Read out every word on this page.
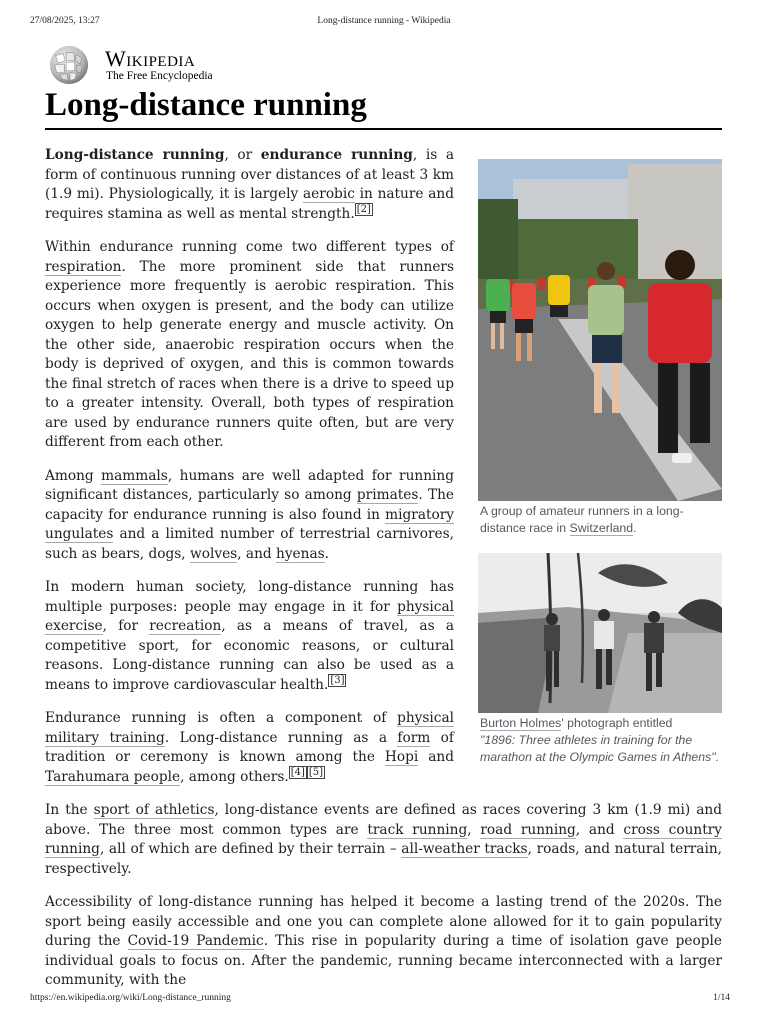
27/08/2025, 13:27	Long-distance running - Wikipedia
Wikipedia
The Free Encyclopedia
Long-distance running
A group of amateur runners in a long-distance race in Switzerland.
Burton Holmes' photograph entitled
"1896: Three athletes in training for the marathon at the Olympic Games in Athens".

Long-distance running, or endurance running, is a form of continuous running over distances of at least 3 km (1.9 mi). Physiologically, it is largely aerobic in nature and requires stamina as well as mental strength. [2]

Within endurance running come two different types of respiration. The more prominent side that runners experience more frequently is aerobic respiration. This occurs when oxygen is present, and the body can utilize oxygen to help generate energy and muscle activity. On the other side, anaerobic respiration occurs when the body is deprived of oxygen, and this is common towards the final stretch of races when there is a drive to speed up to a greater intensity. Overall, both types of respiration are used by endurance runners quite often, but are very different from each other.

Among mammals, humans are well adapted for running significant distances, particularly so among primates. The capacity for endurance running is also found in migratory ungulates and a limited number of terrestrial carnivores, such as bears, dogs, wolves, and hyenas.

In modern human society, long-distance running has multiple purposes: people may engage in it for physical exercise, for recreation, as a means of travel, as a competitive sport, for economic reasons, or cultural reasons. Long-distance running can also be used as a means to improve cardiovascular health. [3]

Endurance running is often a component of physical military training. Long-distance running as a form of tradition or ceremony is known among the Hopi and Tarahumara people, among others. [4] [5]

In the sport of athletics, long-distance events are defined as races covering 3 km (1.9 mi) and above. The three most common types are track running, road running, and cross country running, all of which are defined by their terrain – all-weather tracks, roads, and natural terrain, respectively.

Accessibility of long-distance running has helped it become a lasting trend of the 2020s. The sport being easily accessible and one you can complete alone allowed for it to gain popularity during the Covid-19 Pandemic. This rise in popularity during a time of isolation gave people individual goals to focus on. After the pandemic, running became interconnected with a larger community, with the

https://en.wikipedia.org/wiki/Long-distance_running	1/14
